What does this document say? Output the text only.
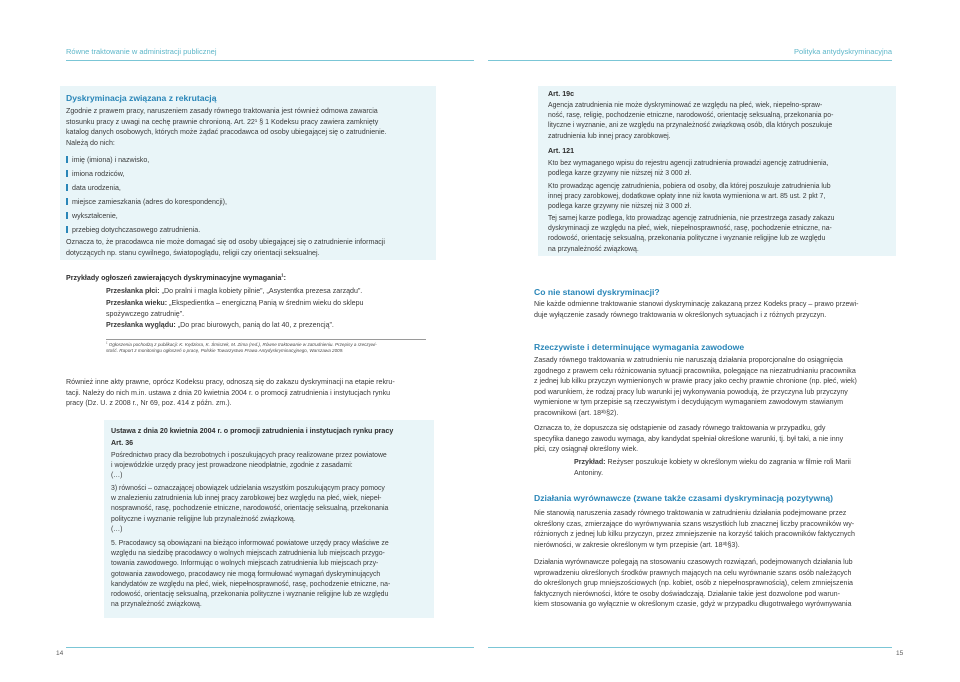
Równe traktowanie w administracji publicznej	Polityka antydyskryminacyjna
Dyskryminacja związana z rekrutacją
Zgodnie z prawem pracy, naruszeniem zasady równego traktowania jest również odmowa zawarcia
stosunku pracy z uwagi na cechę prawnie chronioną. Art. 22¹ § 1 Kodeksu pracy zawiera zamknięty
katalog danych osobowych, których może żądać pracodawca od osoby ubiegającej się o zatrudnienie.
Należą do nich:
imię (imiona) i nazwisko,
imiona rodziców,
data urodzenia,
miejsce zamieszkania (adres do korespondencji),
wykształcenie,
przebieg dotychczasowego zatrudnienia.
Oznacza to, że pracodawca nie może domagać się od osoby ubiegającej się o zatrudnienie informacji
dotyczących np. stanu cywilnego, światopoglądu, religii czy orientacji seksualnej.
Przykłady ogłoszeń zawierających dyskryminacyjne wymagania$^1$:
Przesłanka płci: „Do pralni i magla kobiety pilnie”, „Asystentka prezesa zarządu”.
Przesłanka wieku: „Ekspedientka – energiczną Panią w średnim wieku do sklepu
spożywczego zatrudnię”.
Przesłanka wyglądu: „Do prac biurowych, panią do lat 40, z prezencją”.
$^1$ Ogłoszenia pochodzą z publikacji: K. Kędziora, K. Śmiszek, M. Zima (red.), Równe traktowanie w zatrudnieniu. Przepisy a rzeczywi-
stość. Raport z monitoringu ogłoszeń o pracę, Polskie Towarzystwo Prawa Antydyskryminacyjnego, Warszawa 2009.
Również inne akty prawne, oprócz Kodeksu pracy, odnoszą się do zakazu dyskryminacji na etapie rekru-
tacji. Należy do nich m.in. ustawa z dnia 20 kwietnia 2004 r. o promocji zatrudnienia i instytucjach rynku
pracy (Dz. U. z 2008 r., Nr 69, poz. 414 z późn. zm.).
Ustawa z dnia 20 kwietnia 2004 r. o promocji zatrudnienia i instytucjach rynku pracy
Art. 36
Pośrednictwo pracy dla bezrobotnych i poszukujących pracy realizowane przez powiatowe
i wojewódzkie urzędy pracy jest prowadzone nieodpłatnie, zgodnie z zasadami:
(…)
3) równości – oznaczającej obowiązek udzielania wszystkim poszukującym pracy pomocy
w znalezieniu zatrudnienia lub innej pracy zarobkowej bez względu na płeć, wiek, niepeł-
nosprawność, rasę, pochodzenie etniczne, narodowość, orientację seksualną, przekonania
polityczne i wyznanie religijne lub przynależność związkową.
(…)
5. Pracodawcy są obowiązani na bieżąco informować powiatowe urzędy pracy właściwe ze
względu na siedzibę pracodawcy o wolnych miejscach zatrudnienia lub miejscach przygo-
towania zawodowego. Informując o wolnych miejscach zatrudnienia lub miejscach przy-
gotowania zawodowego, pracodawcy nie mogą formułować wymagań dyskryminujących
kandydatów ze względu na płeć, wiek, niepełnosprawność, rasę, pochodzenie etniczne, na-
rodowość, orientację seksualną, przekonania polityczne i wyznanie religijne lub ze względu
na przynależność związkową.
Art. 19c
Agencja zatrudnienia nie może dyskryminować ze względu na płeć, wiek, niepełno-spraw-
ność, rasę, religię, pochodzenie etniczne, narodowość, orientację seksualną, przekonania po-
lityczne i wyznanie, ani ze względu na przynależność związkową osób, dla których poszukuje
zatrudnienia lub innej pracy zarobkowej.
Art. 121
Kto bez wymaganego wpisu do rejestru agencji zatrudnienia prowadzi agencję zatrudnienia,
podlega karze grzywny nie niższej niż 3 000 zł.
Kto prowadząc agencję zatrudnienia, pobiera od osoby, dla której poszukuje zatrudnienia lub
innej pracy zarobkowej, dodatkowe opłaty inne niż kwota wymieniona w art. 85 ust. 2 pkt 7,
podlega karze grzywny nie niższej niż 3 000 zł.
Tej samej karze podlega, kto prowadząc agencję zatrudnienia, nie przestrzega zasady zakazu
dyskryminacji ze względu na płeć, wiek, niepełnosprawność, rasę, pochodzenie etniczne, na-
rodowość, orientację seksualną, przekonania polityczne i wyznanie religijne lub ze względu
na przynależność związkową.
Co nie stanowi dyskryminacji?
Nie każde odmienne traktowanie stanowi dyskryminację zakazaną przez Kodeks pracy – prawo przewi-
duje wyłączenie zasady równego traktowania w określonych sytuacjach i z różnych przyczyn.
Rzeczywiste i determinujące wymagania zawodowe
Zasady równego traktowania w zatrudnieniu nie naruszają działania proporcjonalne do osiągnięcia
zgodnego z prawem celu różnicowania sytuacji pracownika, polegające na niezatrudnianiu pracownika
z jednej lub kilku przyczyn wymienionych w prawie pracy jako cechy prawnie chronione (np. płeć, wiek)
pod warunkiem, że rodzaj pracy lub warunki jej wykonywania powodują, że przyczyna lub przyczyny
wymienione w tym przepisie są rzeczywistym i decydującym wymaganiem zawodowym stawianym
pracownikowi (art. 18³ᵇ§2).
Oznacza to, że dopuszcza się odstąpienie od zasady równego traktowania w przypadku, gdy
specyfika danego zawodu wymaga, aby kandydat spełniał określone warunki, tj. był taki, a nie inny
płci, czy osiągnął określony wiek.
Przykład: Reżyser poszukuje kobiety w określonym wieku do zagrania w filmie roli Marii
Antoniny.
Działania wyrównawcze (zwane także czasami dyskryminacją pozytywną)
Nie stanowią naruszenia zasady równego traktowania w zatrudnieniu działania podejmowane przez
określony czas, zmierzające do wyrównywania szans wszystkich lub znacznej liczby pracowników wy-
różnionych z jednej lub kilku przyczyn, przez zmniejszenie na korzyść takich pracowników faktycznych
nierówności, w zakresie określonym w tym przepisie (art. 18³ᵇ§3).
Działania wyrównawcze polegają na stosowaniu czasowych rozwiązań, podejmowanych działania lub
wprowadzeniu określonych środków prawnych mających na celu wyrównanie szans osób należących
do określonych grup mniejszościowych (np. kobiet, osób z niepełnosprawnością), celem zmniejszenia
faktycznych nierówności, które te osoby doświadczają. Działanie takie jest dozwolone pod warun-
kiem stosowania go wyłącznie w określonym czasie, gdyż w przypadku długotrwałego wyrównywania
14	15
